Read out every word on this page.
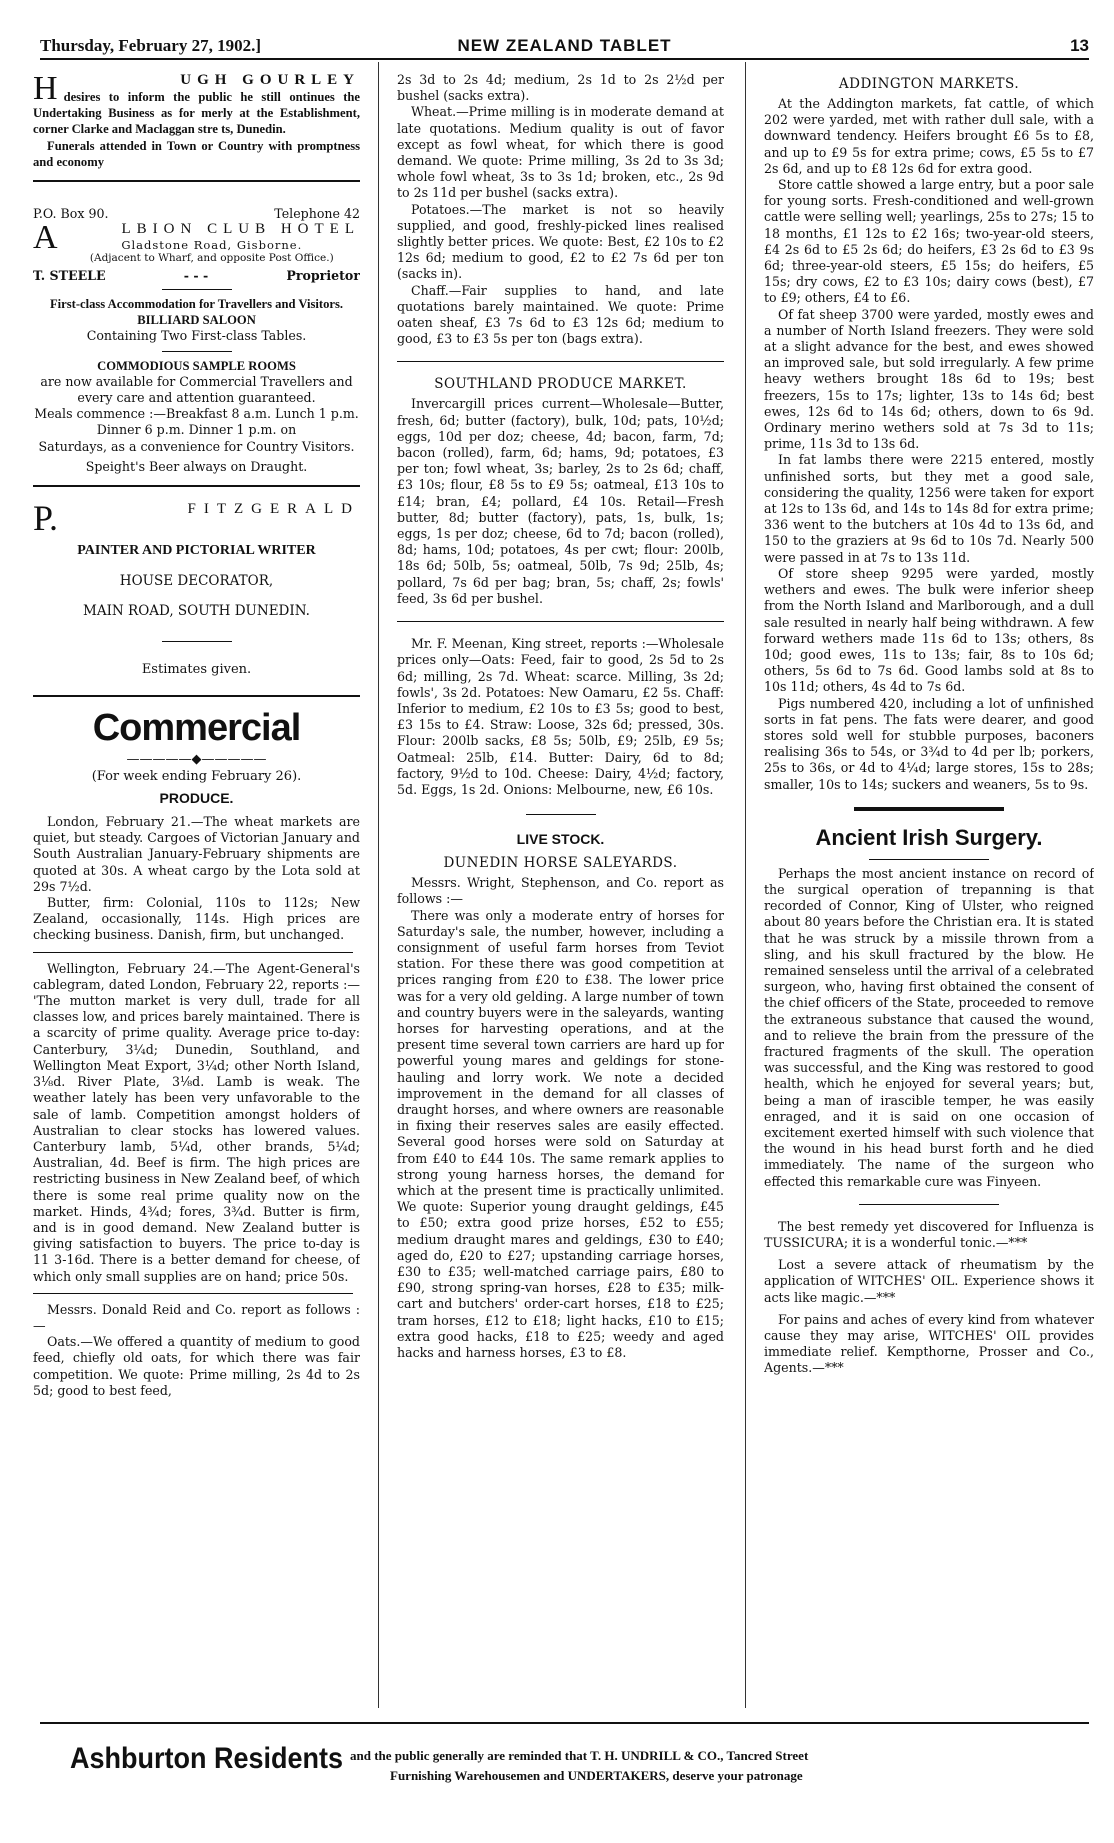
Thursday, February 27, 1902.]	NEW ZEALAND TABLET	13
H	UGH GOURLEY

desires to inform the public he still ontinues the Undertaking Business as for merly at the Establishment, corner Clarke and Maclaggan stre ts, Dunedin.

Funerals attended in Town or Country with promptness and economy

P.O. Box 90.	Telephone 42
A	LBION CLUB HOTEL
Gladstone Road, Gisborne.
(Adjacent to Wharf, and opposite Post Office.)
T. STEELE	- - -	Proprietor

First-class Accommodation for Travellers and Visitors.

BILLIARD SALOON

Containing Two First-class Tables.

COMMODIOUS SAMPLE ROOMS

are now available for Commercial Travellers and every care and attention guaranteed.

Meals commence :—Breakfast 8 a.m. Lunch 1 p.m. Dinner 6 p.m. Dinner 1 p.m. on

Saturdays, as a convenience for Country Visitors.

Speight's Beer always on Draught.

P.	FITZGERALD
PAINTER AND PICTORIAL WRITER
HOUSE DECORATOR,
MAIN ROAD, SOUTH DUNEDIN.
Estimates given.
Commercial
—————◆—————
(For week ending February 26).
PRODUCE.

London, February 21.—The wheat markets are quiet, but steady. Cargoes of Victorian January and South Australian January-February shipments are quoted at 30s. A wheat cargo by the Lota sold at 29s 7½d.

Butter, firm: Colonial, 110s to 112s; New Zealand, occasionally, 114s. High prices are checking business. Danish, firm, but unchanged.

Wellington, February 24.—The Agent-General's cablegram, dated London, February 22, reports :— 'The mutton market is very dull, trade for all classes low, and prices barely maintained. There is a scarcity of prime quality. Average price to-day: Canterbury, 3¼d; Dunedin, Southland, and Wellington Meat Export, 3¼d; other North Island, 3⅛d. River Plate, 3⅛d. Lamb is weak. The weather lately has been very unfavorable to the sale of lamb. Competition amongst holders of Australian to clear stocks has lowered values. Canterbury lamb, 5¼d, other brands, 5¼d; Australian, 4d. Beef is firm. The high prices are restricting business in New Zealand beef, of which there is some real prime quality now on the market. Hinds, 4¾d; fores, 3¾d. Butter is firm, and is in good demand. New Zealand butter is giving satisfaction to buyers. The price to-day is 11 3-16d. There is a better demand for cheese, of which only small supplies are on hand; price 50s.

Messrs. Donald Reid and Co. report as follows :—

Oats.—We offered a quantity of medium to good feed, chiefly old oats, for which there was fair competition. We quote: Prime milling, 2s 4d to 2s 5d; good to best feed,

2s 3d to 2s 4d; medium, 2s 1d to 2s 2½d per bushel (sacks extra).

Wheat.—Prime milling is in moderate demand at late quotations. Medium quality is out of favor except as fowl wheat, for which there is good demand. We quote: Prime milling, 3s 2d to 3s 3d; whole fowl wheat, 3s to 3s 1d; broken, etc., 2s 9d to 2s 11d per bushel (sacks extra).

Potatoes.—The market is not so heavily supplied, and good, freshly-picked lines realised slightly better prices. We quote: Best, £2 10s to £2 12s 6d; medium to good, £2 to £2 7s 6d per ton (sacks in).

Chaff.—Fair supplies to hand, and late quotations barely maintained. We quote: Prime oaten sheaf, £3 7s 6d to £3 12s 6d; medium to good, £3 to £3 5s per ton (bags extra).

SOUTHLAND PRODUCE MARKET.

Invercargill prices current—Wholesale—Butter, fresh, 6d; butter (factory), bulk, 10d; pats, 10½d; eggs, 10d per doz; cheese, 4d; bacon, farm, 7d; bacon (rolled), farm, 6d; hams, 9d; potatoes, £3 per ton; fowl wheat, 3s; barley, 2s to 2s 6d; chaff, £3 10s; flour, £8 5s to £9 5s; oatmeal, £13 10s to £14; bran, £4; pollard, £4 10s. Retail—Fresh butter, 8d; butter (factory), pats, 1s, bulk, 1s; eggs, 1s per doz; cheese, 6d to 7d; bacon (rolled), 8d; hams, 10d; potatoes, 4s per cwt; flour: 200lb, 18s 6d; 50lb, 5s; oatmeal, 50lb, 7s 9d; 25lb, 4s; pollard, 7s 6d per bag; bran, 5s; chaff, 2s; fowls' feed, 3s 6d per bushel.

Mr. F. Meenan, King street, reports :—Wholesale prices only—Oats: Feed, fair to good, 2s 5d to 2s 6d; milling, 2s 7d. Wheat: scarce. Milling, 3s 2d; fowls', 3s 2d. Potatoes: New Oamaru, £2 5s. Chaff: Inferior to medium, £2 10s to £3 5s; good to best, £3 15s to £4. Straw: Loose, 32s 6d; pressed, 30s. Flour: 200lb sacks, £8 5s; 50lb, £9; 25lb, £9 5s; Oatmeal: 25lb, £14. Butter: Dairy, 6d to 8d; factory, 9½d to 10d. Cheese: Dairy, 4½d; factory, 5d. Eggs, 1s 2d. Onions: Melbourne, new, £6 10s.

LIVE STOCK.
DUNEDIN HORSE SALEYARDS.

Messrs. Wright, Stephenson, and Co. report as follows :—

There was only a moderate entry of horses for Saturday's sale, the number, however, including a consignment of useful farm horses from Teviot station. For these there was good competition at prices ranging from £20 to £38. The lower price was for a very old gelding. A large number of town and country buyers were in the saleyards, wanting horses for harvesting operations, and at the present time several town carriers are hard up for powerful young mares and geldings for stone-hauling and lorry work. We note a decided improvement in the demand for all classes of draught horses, and where owners are reasonable in fixing their reserves sales are easily effected. Several good horses were sold on Saturday at from £40 to £44 10s. The same remark applies to strong young harness horses, the demand for which at the present time is practically unlimited. We quote: Superior young draught geldings, £45 to £50; extra good prize horses, £52 to £55; medium draught mares and geldings, £30 to £40; aged do, £20 to £27; upstanding carriage horses, £30 to £35; well-matched carriage pairs, £80 to £90, strong spring-van horses, £28 to £35; milk-cart and butchers' order-cart horses, £18 to £25; tram horses, £12 to £18; light hacks, £10 to £15; extra good hacks, £18 to £25; weedy and aged hacks and harness horses, £3 to £8.

ADDINGTON MARKETS.

At the Addington markets, fat cattle, of which 202 were yarded, met with rather dull sale, with a downward tendency. Heifers brought £6 5s to £8, and up to £9 5s for extra prime; cows, £5 5s to £7 2s 6d, and up to £8 12s 6d for extra good.

Store cattle showed a large entry, but a poor sale for young sorts. Fresh-conditioned and well-grown cattle were selling well; yearlings, 25s to 27s; 15 to 18 months, £1 12s to £2 16s; two-year-old steers, £4 2s 6d to £5 2s 6d; do heifers, £3 2s 6d to £3 9s 6d; three-year-old steers, £5 15s; do heifers, £5 15s; dry cows, £2 to £3 10s; dairy cows (best), £7 to £9; others, £4 to £6.

Of fat sheep 3700 were yarded, mostly ewes and a number of North Island freezers. They were sold at a slight advance for the best, and ewes showed an improved sale, but sold irregularly. A few prime heavy wethers brought 18s 6d to 19s; best freezers, 15s to 17s; lighter, 13s to 14s 6d; best ewes, 12s 6d to 14s 6d; others, down to 6s 9d. Ordinary merino wethers sold at 7s 3d to 11s; prime, 11s 3d to 13s 6d.

In fat lambs there were 2215 entered, mostly unfinished sorts, but they met a good sale, considering the quality, 1256 were taken for export at 12s to 13s 6d, and 14s to 14s 8d for extra prime; 336 went to the butchers at 10s 4d to 13s 6d, and 150 to the graziers at 9s 6d to 10s 7d. Nearly 500 were passed in at 7s to 13s 11d.

Of store sheep 9295 were yarded, mostly wethers and ewes. The bulk were inferior sheep from the North Island and Marlborough, and a dull sale resulted in nearly half being withdrawn. A few forward wethers made 11s 6d to 13s; others, 8s 10d; good ewes, 11s to 13s; fair, 8s to 10s 6d; others, 5s 6d to 7s 6d. Good lambs sold at 8s to 10s 11d; others, 4s 4d to 7s 6d.

Pigs numbered 420, including a lot of unfinished sorts in fat pens. The fats were dearer, and good stores sold well for stubble purposes, baconers realising 36s to 54s, or 3¾d to 4d per lb; porkers, 25s to 36s, or 4d to 4¼d; large stores, 15s to 28s; smaller, 10s to 14s; suckers and weaners, 5s to 9s.

Ancient Irish Surgery.

Perhaps the most ancient instance on record of the surgical operation of trepanning is that recorded of Connor, King of Ulster, who reigned about 80 years before the Christian era. It is stated that he was struck by a missile thrown from a sling, and his skull fractured by the blow. He remained senseless until the arrival of a celebrated surgeon, who, having first obtained the consent of the chief officers of the State, proceeded to remove the extraneous substance that caused the wound, and to relieve the brain from the pressure of the fractured fragments of the skull. The operation was successful, and the King was restored to good health, which he enjoyed for several years; but, being a man of irascible temper, he was easily enraged, and it is said on one occasion of excitement exerted himself with such violence that the wound in his head burst forth and he died immediately. The name of the surgeon who effected this remarkable cure was Finyeen.

The best remedy yet discovered for Influenza is TUSSICURA; it is a wonderful tonic.—***

Lost a severe attack of rheumatism by the application of WITCHES' OIL. Experience shows it acts like magic.—***

For pains and aches of every kind from whatever cause they may arise, WITCHES' OIL provides immediate relief. Kempthorne, Prosser and Co., Agents.—***

Ashburton Residents and the public generally are reminded that T. H. UNDRILL & CO., Tancred Street
Furnishing Warehousemen and UNDERTAKERS, deserve your patronage
